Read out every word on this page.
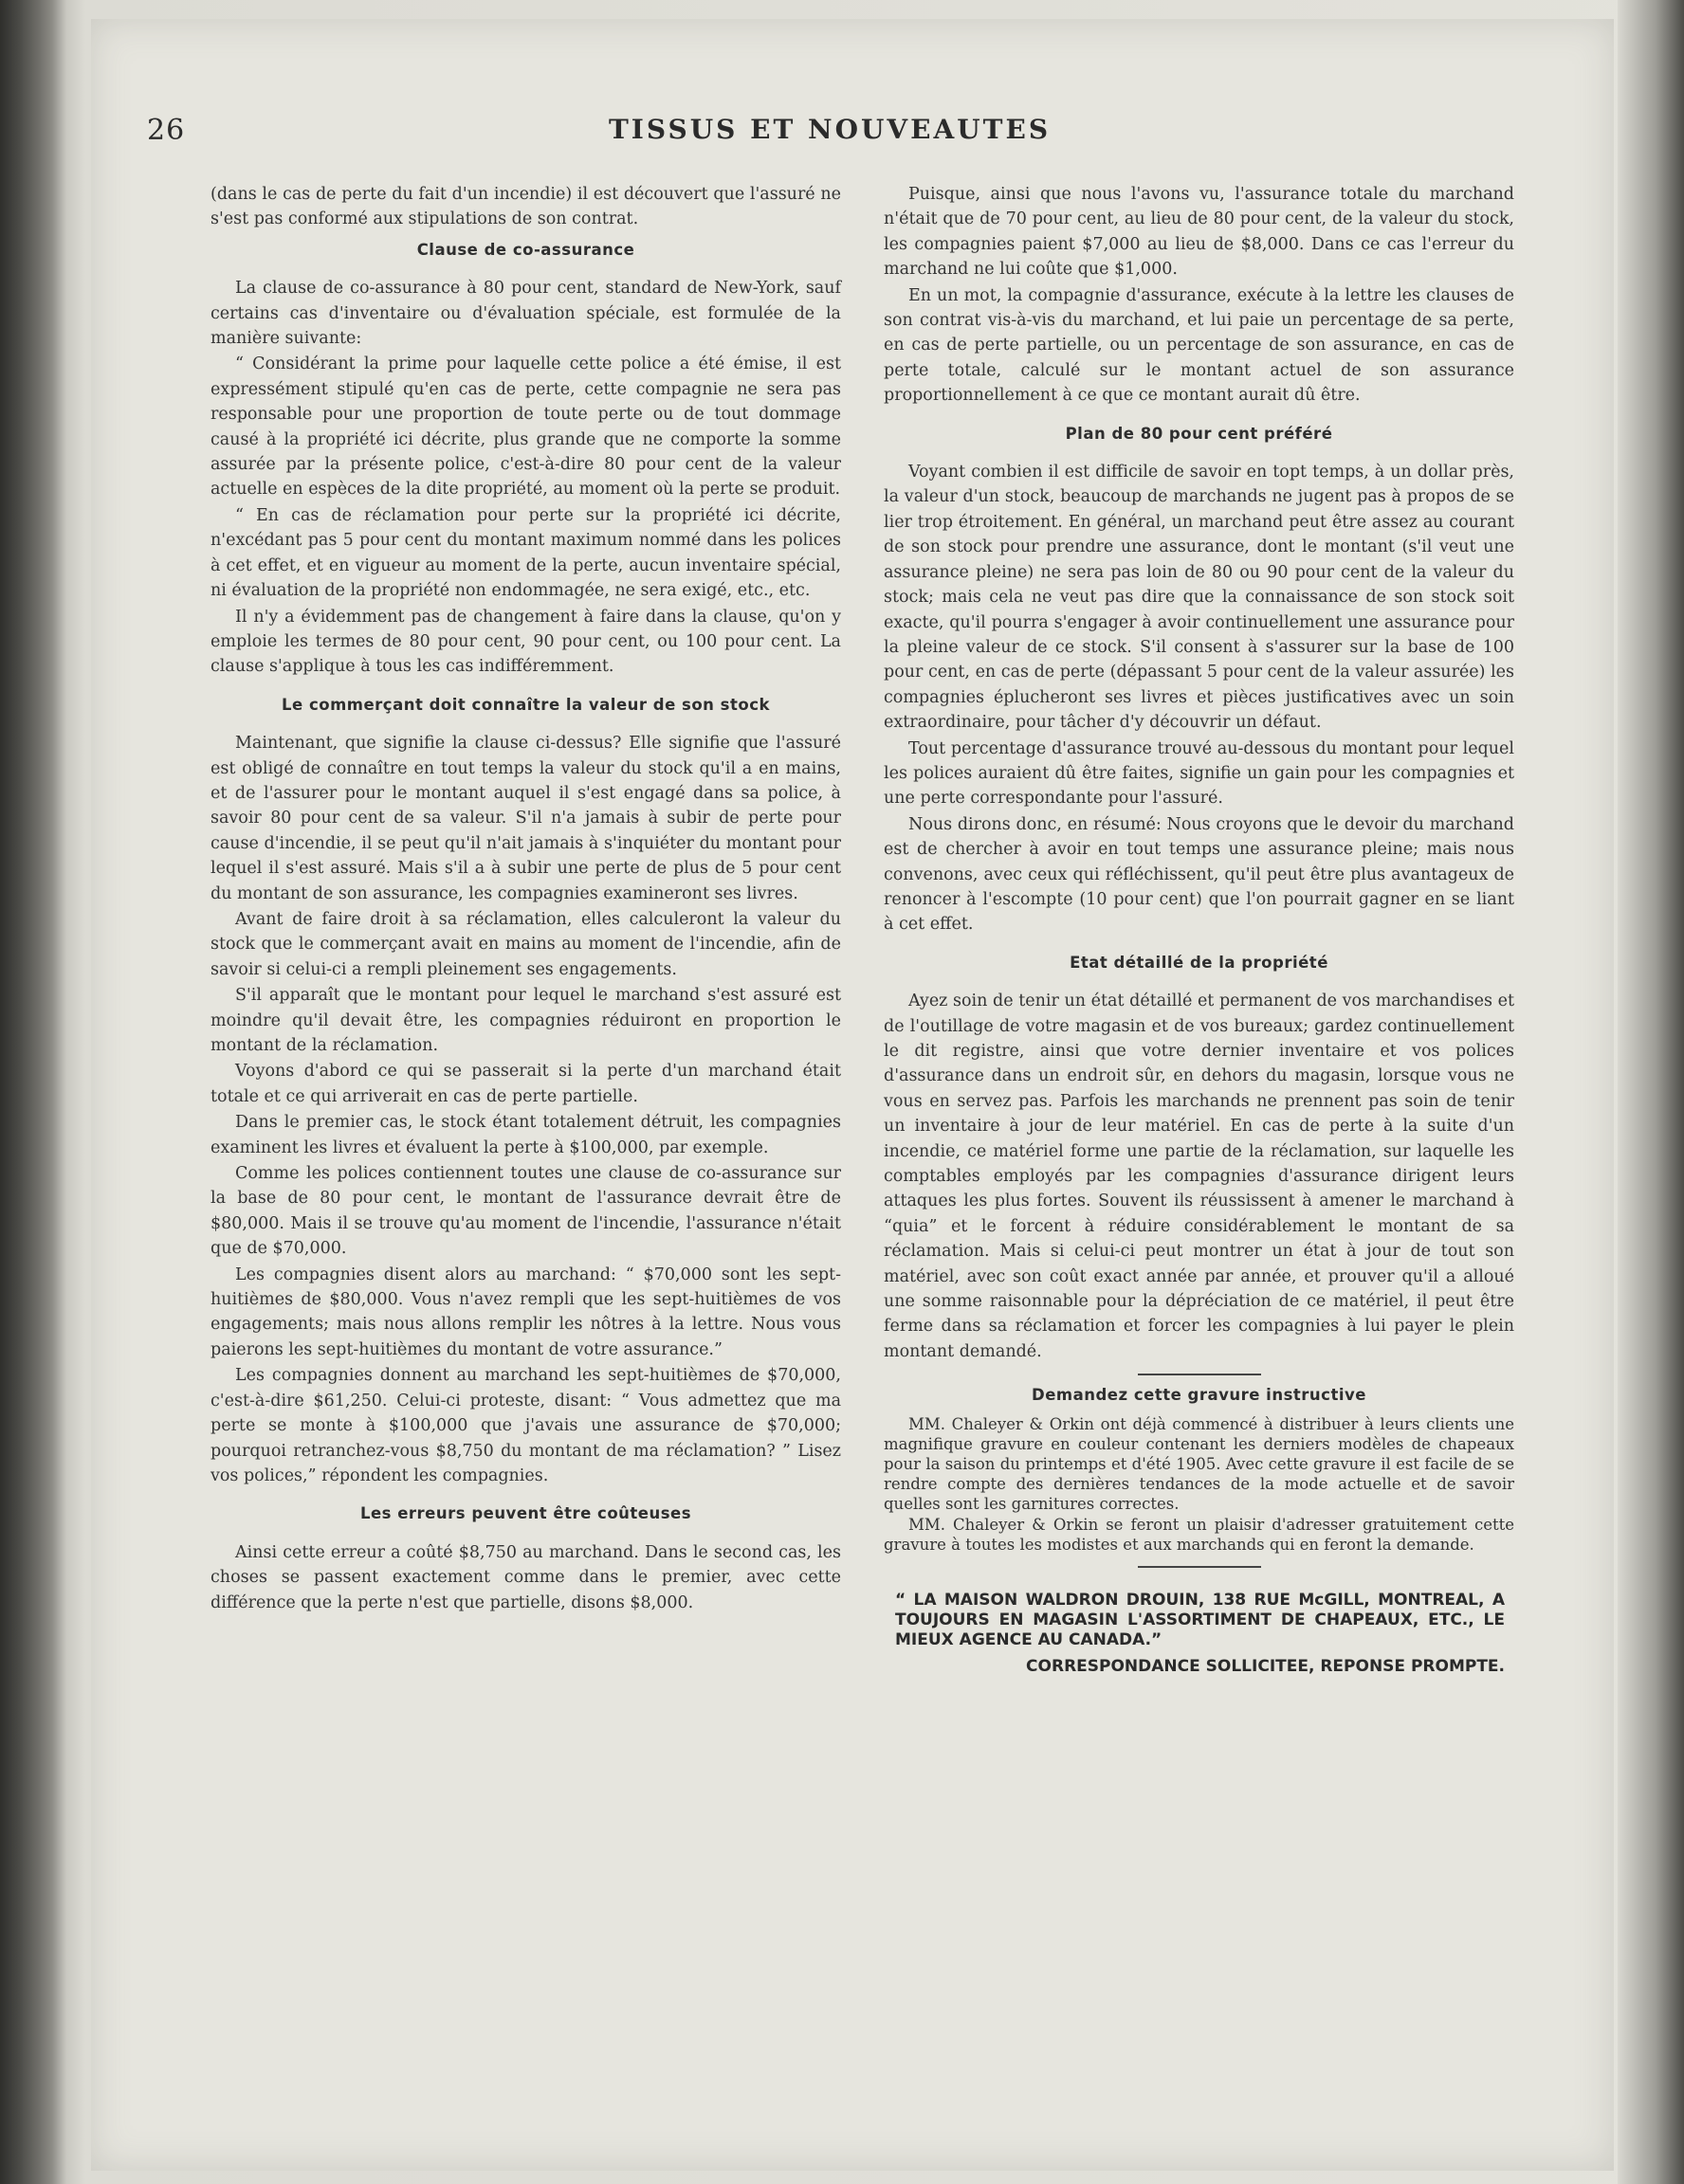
26	TISSUS ET NOUVEAUTES

(dans le cas de perte du fait d'un incendie) il est découvert que l'assuré ne s'est pas conformé aux stipulations de son contrat.

Clause de co-assurance

La clause de co-assurance à 80 pour cent, standard de New-York, sauf certains cas d'inventaire ou d'évaluation spéciale, est formulée de la manière suivante:

“ Considérant la prime pour laquelle cette police a été émise, il est expressément stipulé qu'en cas de perte, cette compagnie ne sera pas responsable pour une proportion de toute perte ou de tout dommage causé à la propriété ici décrite, plus grande que ne comporte la somme assurée par la présente police, c'est-à-dire 80 pour cent de la valeur actuelle en espèces de la dite propriété, au moment où la perte se produit.

“ En cas de réclamation pour perte sur la propriété ici décrite, n'excédant pas 5 pour cent du montant maximum nommé dans les polices à cet effet, et en vigueur au moment de la perte, aucun inventaire spécial, ni évaluation de la propriété non endommagée, ne sera exigé, etc., etc.

Il n'y a évidemment pas de changement à faire dans la clause, qu'on y emploie les termes de 80 pour cent, 90 pour cent, ou 100 pour cent. La clause s'applique à tous les cas indifféremment.

Le commerçant doit connaître la valeur de son stock

Maintenant, que signifie la clause ci-dessus? Elle signifie que l'assuré est obligé de connaître en tout temps la valeur du stock qu'il a en mains, et de l'assurer pour le montant auquel il s'est engagé dans sa police, à savoir 80 pour cent de sa valeur. S'il n'a jamais à subir de perte pour cause d'incendie, il se peut qu'il n'ait jamais à s'inquiéter du montant pour lequel il s'est assuré. Mais s'il a à subir une perte de plus de 5 pour cent du montant de son assurance, les compagnies examineront ses livres.

Avant de faire droit à sa réclamation, elles calculeront la valeur du stock que le commerçant avait en mains au moment de l'incendie, afin de savoir si celui-ci a rempli pleinement ses engagements.

S'il apparaît que le montant pour lequel le marchand s'est assuré est moindre qu'il devait être, les compagnies réduiront en proportion le montant de la réclamation.

Voyons d'abord ce qui se passerait si la perte d'un marchand était totale et ce qui arriverait en cas de perte partielle.

Dans le premier cas, le stock étant totalement détruit, les compagnies examinent les livres et évaluent la perte à $100,000, par exemple.

Comme les polices contiennent toutes une clause de co-assurance sur la base de 80 pour cent, le montant de l'assurance devrait être de $80,000. Mais il se trouve qu'au moment de l'incendie, l'assurance n'était que de $70,000.

Les compagnies disent alors au marchand: “ $70,000 sont les sept-huitièmes de $80,000. Vous n'avez rempli que les sept-huitièmes de vos engagements; mais nous allons remplir les nôtres à la lettre. Nous vous paierons les sept-huitièmes du montant de votre assurance.”

Les compagnies donnent au marchand les sept-huitièmes de $70,000, c'est-à-dire $61,250. Celui-ci proteste, disant: “ Vous admettez que ma perte se monte à $100,000 que j'avais une assurance de $70,000; pourquoi retranchez-vous $8,750 du montant de ma réclamation? ” Lisez vos polices,” répondent les compagnies.

Les erreurs peuvent être coûteuses

Ainsi cette erreur a coûté $8,750 au marchand. Dans le second cas, les choses se passent exactement comme dans le premier, avec cette différence que la perte n'est que partielle, disons $8,000.

Puisque, ainsi que nous l'avons vu, l'assurance totale du marchand n'était que de 70 pour cent, au lieu de 80 pour cent, de la valeur du stock, les compagnies paient $7,000 au lieu de $8,000. Dans ce cas l'erreur du marchand ne lui coûte que $1,000.

En un mot, la compagnie d'assurance, exécute à la lettre les clauses de son contrat vis-à-vis du marchand, et lui paie un percentage de sa perte, en cas de perte partielle, ou un percentage de son assurance, en cas de perte totale, calculé sur le montant actuel de son assurance proportionnellement à ce que ce montant aurait dû être.

Plan de 80 pour cent préféré

Voyant combien il est difficile de savoir en topt temps, à un dollar près, la valeur d'un stock, beaucoup de marchands ne jugent pas à propos de se lier trop étroitement. En général, un marchand peut être assez au courant de son stock pour prendre une assurance, dont le montant (s'il veut une assurance pleine) ne sera pas loin de 80 ou 90 pour cent de la valeur du stock; mais cela ne veut pas dire que la connaissance de son stock soit exacte, qu'il pourra s'engager à avoir continuellement une assurance pour la pleine valeur de ce stock. S'il consent à s'assurer sur la base de 100 pour cent, en cas de perte (dépassant 5 pour cent de la valeur assurée) les compagnies éplucheront ses livres et pièces justificatives avec un soin extraordinaire, pour tâcher d'y découvrir un défaut.

Tout percentage d'assurance trouvé au-dessous du montant pour lequel les polices auraient dû être faites, signifie un gain pour les compagnies et une perte correspondante pour l'assuré.

Nous dirons donc, en résumé: Nous croyons que le devoir du marchand est de chercher à avoir en tout temps une assurance pleine; mais nous convenons, avec ceux qui réfléchissent, qu'il peut être plus avantageux de renoncer à l'escompte (10 pour cent) que l'on pourrait gagner en se liant à cet effet.

Etat détaillé de la propriété

Ayez soin de tenir un état détaillé et permanent de vos marchandises et de l'outillage de votre magasin et de vos bureaux; gardez continuellement le dit registre, ainsi que votre dernier inventaire et vos polices d'assurance dans un endroit sûr, en dehors du magasin, lorsque vous ne vous en servez pas. Parfois les marchands ne prennent pas soin de tenir un inventaire à jour de leur matériel. En cas de perte à la suite d'un incendie, ce matériel forme une partie de la réclamation, sur laquelle les comptables employés par les compagnies d'assurance dirigent leurs attaques les plus fortes. Souvent ils réussissent à amener le marchand à “quia” et le forcent à réduire considérablement le montant de sa réclamation. Mais si celui-ci peut montrer un état à jour de tout son matériel, avec son coût exact année par année, et prouver qu'il a alloué une somme raisonnable pour la dépréciation de ce matériel, il peut être ferme dans sa réclamation et forcer les compagnies à lui payer le plein montant demandé.

Demandez cette gravure instructive

MM. Chaleyer & Orkin ont déjà commencé à distribuer à leurs clients une magnifique gravure en couleur contenant les derniers modèles de chapeaux pour la saison du printemps et d'été 1905. Avec cette gravure il est facile de se rendre compte des dernières tendances de la mode actuelle et de savoir quelles sont les garnitures correctes.

MM. Chaleyer & Orkin se feront un plaisir d'adresser gratuitement cette gravure à toutes les modistes et aux marchands qui en feront la demande.

“ LA MAISON WALDRON DROUIN, 138 RUE McGILL, MONTREAL, A TOUJOURS EN MAGASIN L'ASSORTIMENT DE CHAPEAUX, ETC., LE MIEUX AGENCE AU CANADA.”
CORRESPONDANCE SOLLICITEE, REPONSE PROMPTE.
